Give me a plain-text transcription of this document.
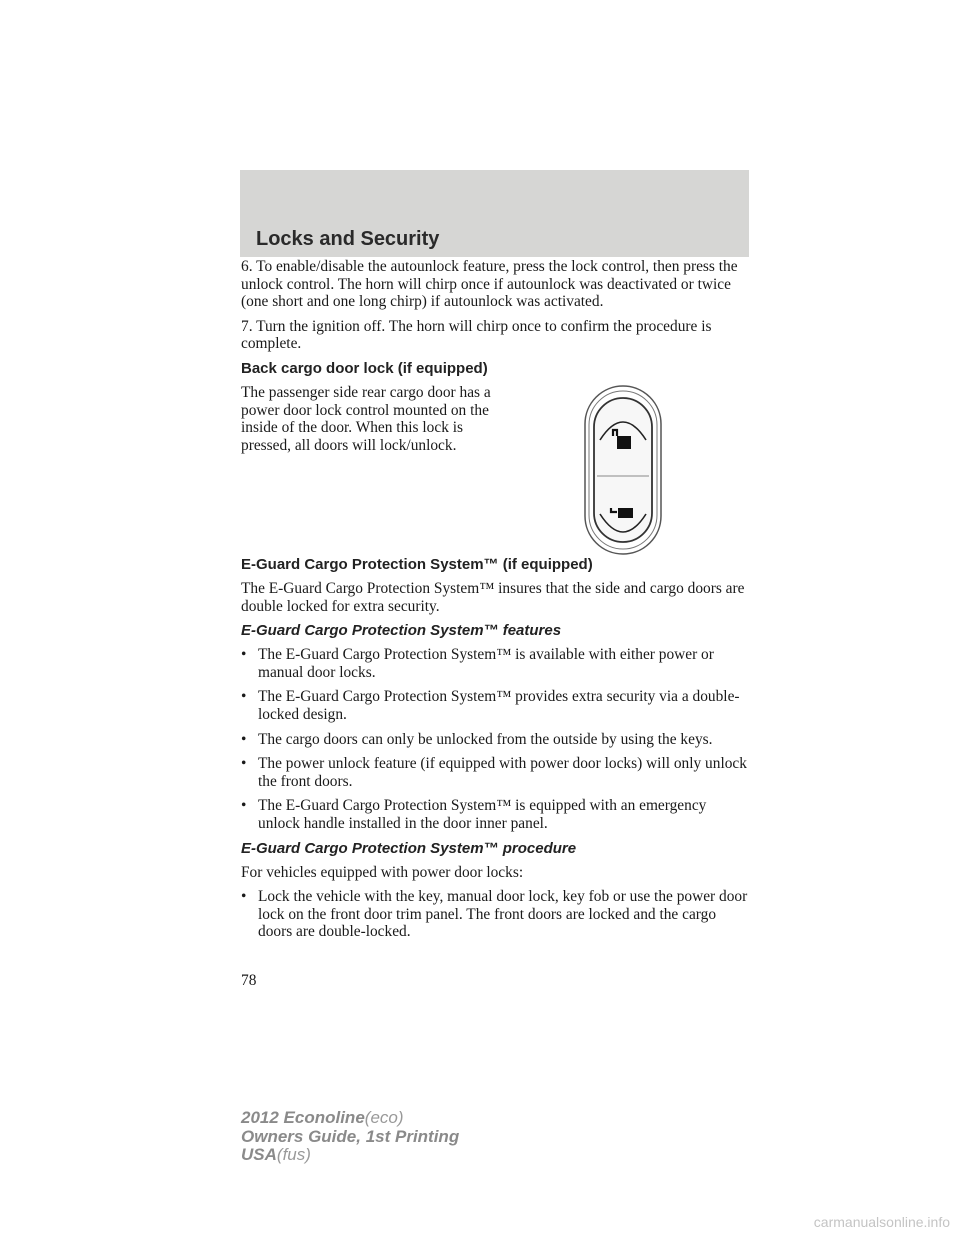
Locks and Security

6. To enable/disable the autounlock feature, press the lock control, then press the unlock control. The horn will chirp once if autounlock was deactivated or twice (one short and one long chirp) if autounlock was activated.

7. Turn the ignition off. The horn will chirp once to confirm the procedure is complete.

Back cargo door lock (if equipped)

The passenger side rear cargo door has a power door lock control mounted on the inside of the door. When this lock is pressed, all doors will lock/unlock.

E-Guard Cargo Protection System™ (if equipped)

The E-Guard Cargo Protection System™ insures that the side and cargo doors are double locked for extra security.

E-Guard Cargo Protection System™ features
• The E-Guard Cargo Protection System™ is available with either power or manual door locks.
• The E-Guard Cargo Protection System™ provides extra security via a double-locked design.
• The cargo doors can only be unlocked from the outside by using the keys.
• The power unlock feature (if equipped with power door locks) will only unlock the front doors.
• The E-Guard Cargo Protection System™ is equipped with an emergency unlock handle installed in the door inner panel.
E-Guard Cargo Protection System™ procedure

For vehicles equipped with power door locks:

• Lock the vehicle with the key, manual door lock, key fob or use the power door lock on the front door trim panel. The front doors are locked and the cargo doors are double-locked.
78
2012 Econoline(eco)
Owners Guide, 1st Printing
USA(fus)
carmanualsonline.info
